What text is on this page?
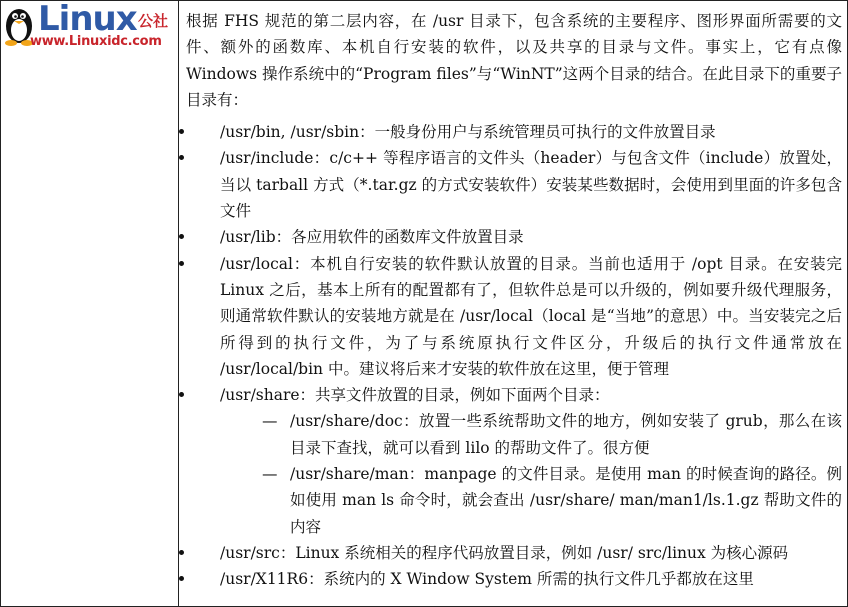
Linux 公社
www.Linuxidc.com

根据 FHS 规范的第二层内容，在 /usr 目录下，包含系统的主要程序、图形界面所需要的文件、额外的函数库、本机自行安装的软件，以及共享的目录与文件。事实上，它有点像 Windows 操作系统中的“Program files”与“WinNT”这两个目录的结合。在此目录下的重要子目录有：

/usr/bin, /usr/sbin：一般身份用户与系统管理员可执行的文件放置目录
/usr/include：c/c++ 等程序语言的文件头（header）与包含文件（include）放置处，当以 tarball 方式（*.tar.gz 的方式安装软件）安装某些数据时，会使用到里面的许多包含文件
/usr/lib：各应用软件的函数库文件放置目录
/usr/local：本机自行安装的软件默认放置的目录。当前也适用于 /opt 目录。在安装完 Linux 之后，基本上所有的配置都有了，但软件总是可以升级的，例如要升级代理服务，则通常软件默认的安装地方就是在 /usr/local（local 是“当地”的意思）中。当安装完之后所得到的执行文件，为了与系统原执行文件区分，升级后的执行文件通常放在 /usr/local/bin 中。建议将后来才安装的软件放在这里，便于管理
/usr/share：共享文件放置的目录，例如下面两个目录：
— /usr/share/doc：放置一些系统帮助文件的地方，例如安装了 grub，那么在该目录下查找，就可以看到 lilo 的帮助文件了。很方便
— /usr/share/man：manpage 的文件目录。是使用 man 的时候查询的路径。例如使用 man ls 命令时，就会查出 /usr/share/ man/man1/ls.1.gz 帮助文件的内容
/usr/src：Linux 系统相关的程序代码放置目录，例如 /usr/ src/linux 为核心源码
/usr/X11R6：系统内的 X Window System 所需的执行文件几乎都放在这里
